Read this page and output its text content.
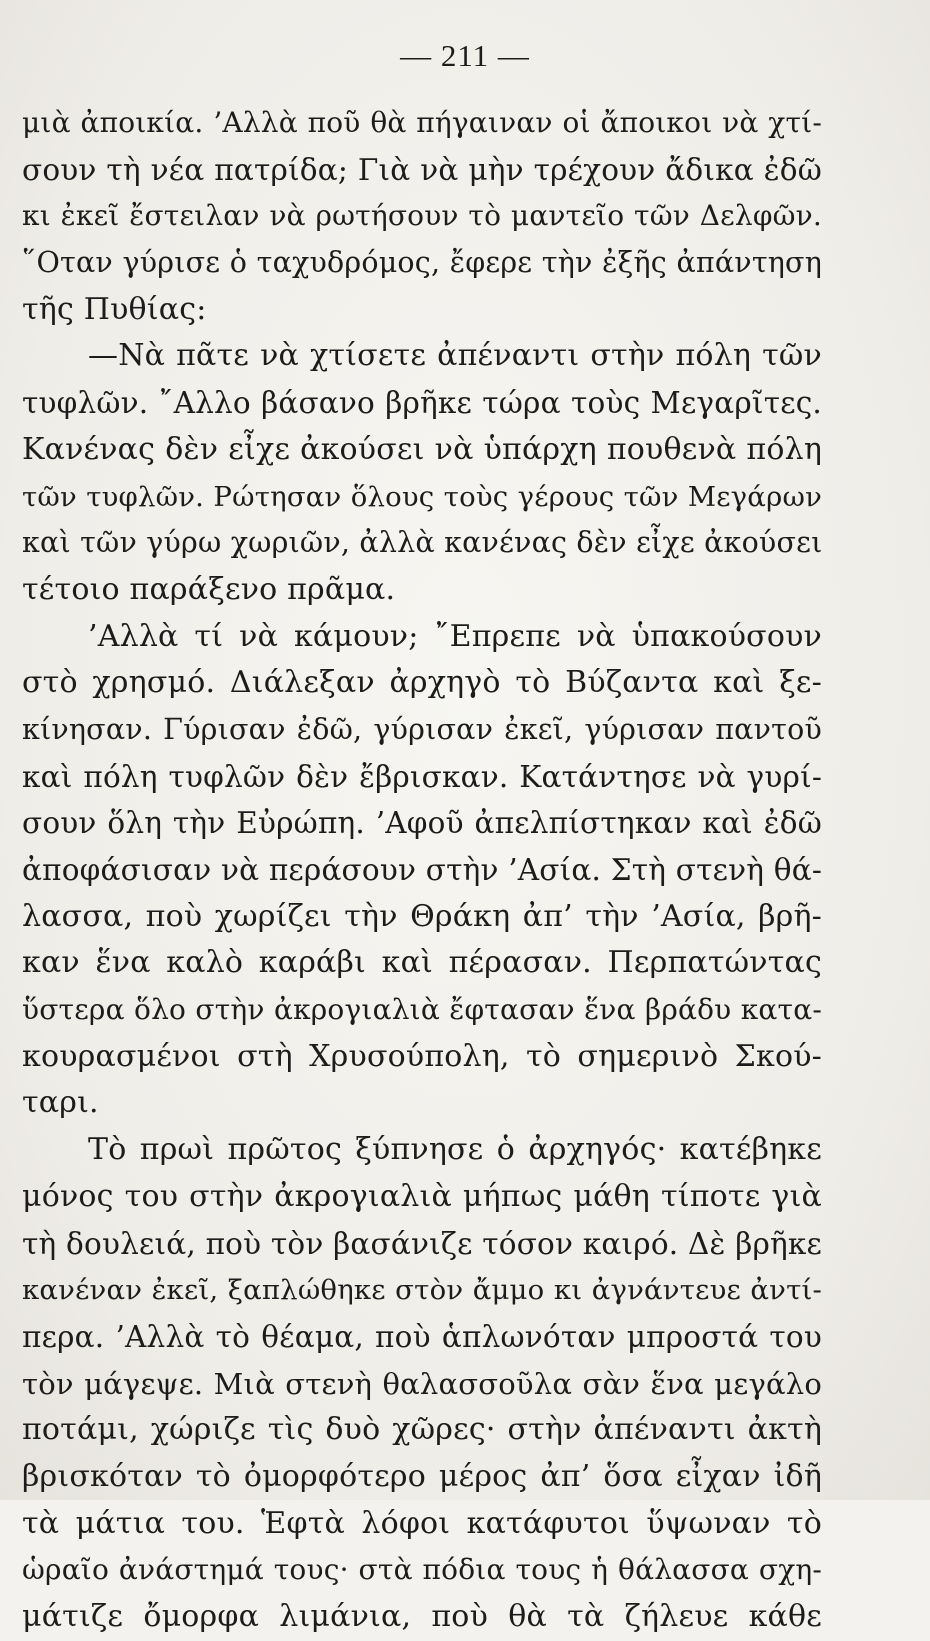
— 211 —
μιὰ ἀποικία. ’Αλλὰ ποῦ θὰ πήγαιναν οἱ ἄποικοι νὰ χτί-
σουν τὴ νέα πατρίδα; Γιὰ νὰ μὴν τρέχουν ἄδικα ἐδῶ
κι ἐκεῖ ἔστειλαν νὰ ρωτήσουν τὸ μαντεῖο τῶν Δελφῶν.
῞Οταν γύρισε ὁ ταχυδρόμος, ἔφερε τὴν ἐξῆς ἀπάντηση
τῆς Πυθίας:
—Νὰ πᾶτε νὰ χτίσετε ἀπέναντι στὴν πόλη τῶν
τυφλῶν. ῎Αλλο βάσανο βρῆκε τώρα τοὺς Μεγαρῖτες.
Κανένας δὲν εἶχε ἀκούσει νὰ ὑπάρχη πουθενὰ πόλη
τῶν τυφλῶν. Ρώτησαν ὅλους τοὺς γέρους τῶν Μεγάρων
καὶ τῶν γύρω χωριῶν, ἀλλὰ κανένας δὲν εἶχε ἀκούσει
τέτοιο παράξενο πρᾶμα.
’Αλλὰ τί νὰ κάμουν; ῎Επρεπε νὰ ὑπακούσουν
στὸ χρησμό. Διάλεξαν ἀρχηγὸ τὸ Βύζαντα καὶ ξε-
κίνησαν. Γύρισαν ἐδῶ, γύρισαν ἐκεῖ, γύρισαν παντοῦ
καὶ πόλη τυφλῶν δὲν ἔβρισκαν. Κατάντησε νὰ γυρί-
σουν ὅλη τὴν Εὐρώπη. ’Αφοῦ ἀπελπίστηκαν καὶ ἐδῶ
ἀποφάσισαν νὰ περάσουν στὴν ’Ασία. Στὴ στενὴ θά-
λασσα, ποὺ χωρίζει τὴν Θράκη ἀπ’ τὴν ’Ασία, βρῆ-
καν ἕνα καλὸ καράβι καὶ πέρασαν. Περπατώντας
ὕστερα ὅλο στὴν ἀκρογιαλιὰ ἔφτασαν ἕνα βράδυ κατα-
κουρασμένοι στὴ Χρυσούπολη, τὸ σημερινὸ Σκού-
ταρι.
Τὸ πρωὶ πρῶτος ξύπνησε ὁ ἀρχηγός· κατέβηκε
μόνος του στὴν ἀκρογιαλιὰ μήπως μάθη τίποτε γιὰ
τὴ δουλειά, ποὺ τὸν βασάνιζε τόσον καιρό. Δὲ βρῆκε
κανέναν ἐκεῖ, ξαπλώθηκε στὸν ἄμμο κι ἀγνάντευε ἀντί-
περα. ’Αλλὰ τὸ θέαμα, ποὺ ἁπλωνόταν μπροστά του
τὸν μάγεψε. Μιὰ στενὴ θαλασσοῦλα σὰν ἕνα μεγάλο
ποτάμι, χώριζε τὶς δυὸ χῶρες· στὴν ἀπέναντι ἀκτὴ
βρισκόταν τὸ ὀμορφότερο μέρος ἀπ’ ὅσα εἶχαν ἰδῆ
τὰ μάτια του. Ἑφτὰ λόφοι κατάφυτοι ὕψωναν τὸ
ὡραῖο ἀνάστημά τους· στὰ πόδια τους ἡ θάλασσα σχη-
μάτιζε ὄμορφα λιμάνια, ποὺ θὰ τὰ ζήλευε κάθε
